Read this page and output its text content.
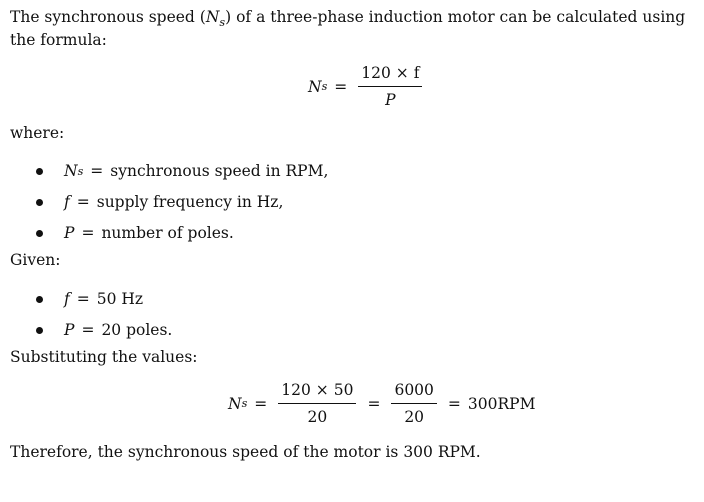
The synchronous speed $(N_s)$ of a three-phase induction motor can be calculated using the formula:

N $s = \frac{120 \times f}{P}$

where:

N s = synchronous speed in RPM,
f = supply frequency in Hz,
P = number of poles.

Given:

f = 50 Hz
P = 20 poles.

Substituting the values:

N $s = \frac{120 \times 50}{20} = \frac{6000}{20} = 300RPM$

Therefore, the synchronous speed of the motor is 300 RPM.
